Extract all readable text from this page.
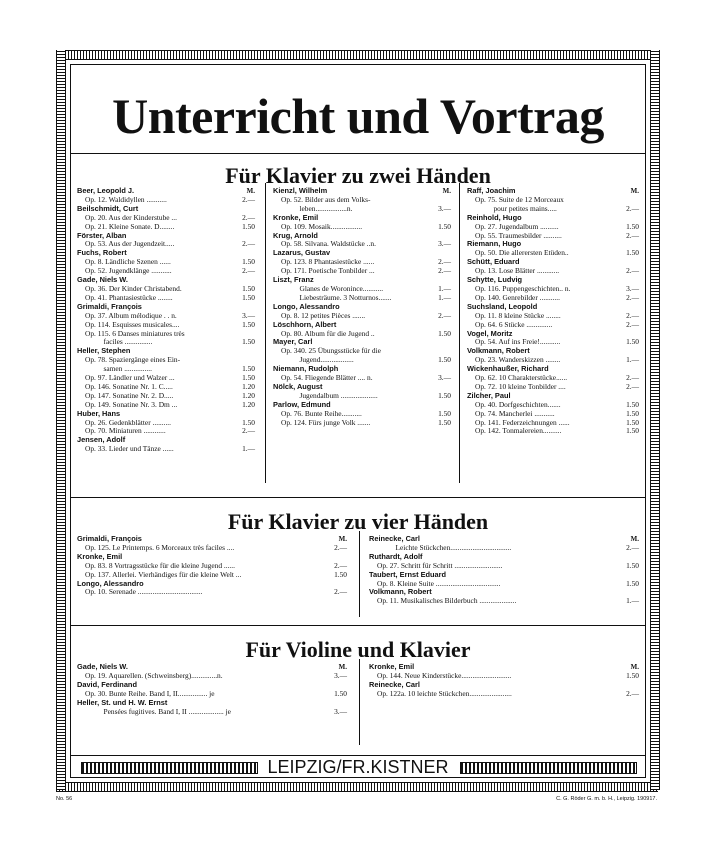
Unterricht und Vortrag
Für Klavier zu zwei Händen
Für Klavier zu vier Händen
Für Violine und Klavier
LEIPZIG/FR.KISTNER
M.
Beer, Leopold J.
Op. 12. Waldidyllen ...........	2.—
Beilschmidt, Curt
Op. 20. Aus der Kinderstube ...	2.—
Op. 21. Kleine Sonate. D........	1.50
Förster, Alban
Op. 53. Aus der Jugendzeit.....	2.—
Fuchs, Robert
Op. 8. Ländliche Szenen ......	1.50
Op. 52. Jugendklänge ...........	2.—
Gade, Niels W.
Op. 36. Der Kinder Christabend.	1.50
Op. 41. Phantasiestücke ........	1.50
Grimaldi, François
Op. 37. Album mélodique . . n.	3.—
Op. 114. Esquisses musicales....	1.50
Op. 115. 6 Danses miniatures très
faciles ...............	1.50
Heller, Stephen
Op. 78. Spaziergänge eines Ein-
samen ...............	1.50
Op. 97. Ländler und Walzer ...	1.50
Op. 146. Sonatine Nr. 1. C.....	1.20
Op. 147. Sonatine Nr. 2. D.....	1.20
Op. 149. Sonatine Nr. 3. Dm ...	1.20
Huber, Hans
Op. 26. Gedenkblätter ..........	1.50
Op. 70. Miniaturen ............	2.—
Jensen, Adolf
Op. 33. Lieder und Tänze ......	1.—
M.
Kienzl, Wilhelm
Op. 52. Bilder aus dem Volks-
leben.................n.	3.—
Kronke, Emil
Op. 109. Mosaik.................	1.50
Krug, Arnold
Op. 58. Silvana. Waldstücke ..n.	3.—
Lazarus, Gustav
Op. 123. 8 Phantasiestücke ......	2.—
Op. 171. Poetische Tonbilder ...	2.—
Liszt, Franz
Glanes de Woronince...........	1.—
Liebesträume. 3 Notturnos.......	1.—
Longo, Alessandro
Op. 8. 12 petites Pièces .......	2.—
Löschhorn, Albert
Op. 80. Album für die Jugend ..	1.50
Mayer, Carl
Op. 340. 25 Übungsstücke für die
Jugend..................	1.50
Niemann, Rudolph
Op. 54. Fliegende Blätter .... n.	3.—
Nölck, August
Jugendalbum ....................	1.50
Parlow, Edmund
Op. 76. Bunte Reihe...........	1.50
Op. 124. Fürs junge Volk .......	1.50
M.
Raff, Joachim
Op. 75. Suite de 12 Morceaux
pour petites mains.....	2.—
Reinhold, Hugo
Op. 27. Jugendalbum ..........	1.50
Op. 55. Traumesbilder ..........	2.—
Riemann, Hugo
Op. 50. Die allerersten Etüden..	1.50
Schütt, Eduard
Op. 13. Lose Blätter ............	2.—
Schytte, Ludvig
Op. 116. Puppengeschichten.. n.	3.—
Op. 140. Genrebilder ...........	2.—
Suchsland, Leopold
Op. 11. 8 kleine Stücke ........	2.—
Op. 64. 6 Stücke ..............	2.—
Vogel, Moritz
Op. 54. Auf ins Freie!...........	1.50
Volkmann, Robert
Op. 23. Wanderskizzen ........	1.—
Wickenhaußer, Richard
Op. 62. 10 Charakterstücke......	2.—
Op. 72. 10 kleine Tonbilder ....	2.—
Zilcher, Paul
Op. 40. Dorfgeschichten.......	1.50
Op. 74. Mancherlei ...........	1.50
Op. 141. Federzeichnungen ......	1.50
Op. 142. Tonmalereien..........	1.50
M.
Grimaldi, François
Op. 125. Le Printemps. 6 Morceaux très faciles ....	2.—
Kronke, Emil
Op. 83. 8 Vortragsstücke für die kleine Jugend ......	2.—
Op. 137. Allerlei. Vierhändiges für die kleine Welt ...	1.50
Longo, Alessandro
Op. 10. Serenade ...................................	2.—
M.
Reinecke, Carl
Leichte Stückchen.................................	2.—
Ruthardt, Adolf
Op. 27. Schritt für Schritt ..........................	1.50
Taubert, Ernst Eduard
Op. 8. Kleine Suite ...................................	1.50
Volkmann, Robert
Op. 11. Musikalisches Bilderbuch ....................	1.—
M.
Gade, Niels W.
Op. 19. Aquarellen. (Schweinsberg)..............n.	3.—
David, Ferdinand
Op. 30. Bunte Reihe. Band I, II................ je	1.50
Heller, St. und H. W. Ernst
Pensées fugitives. Band I, II ................... je	3.—
M.
Kronke, Emil
Op. 144. Neue Kinderstücke...........................	1.50
Reinecke, Carl
Op. 122a. 10 leichte Stückchen.......................	2.—
No. 56	C. G. Röder G. m. b. H., Leipzig. 190917.
